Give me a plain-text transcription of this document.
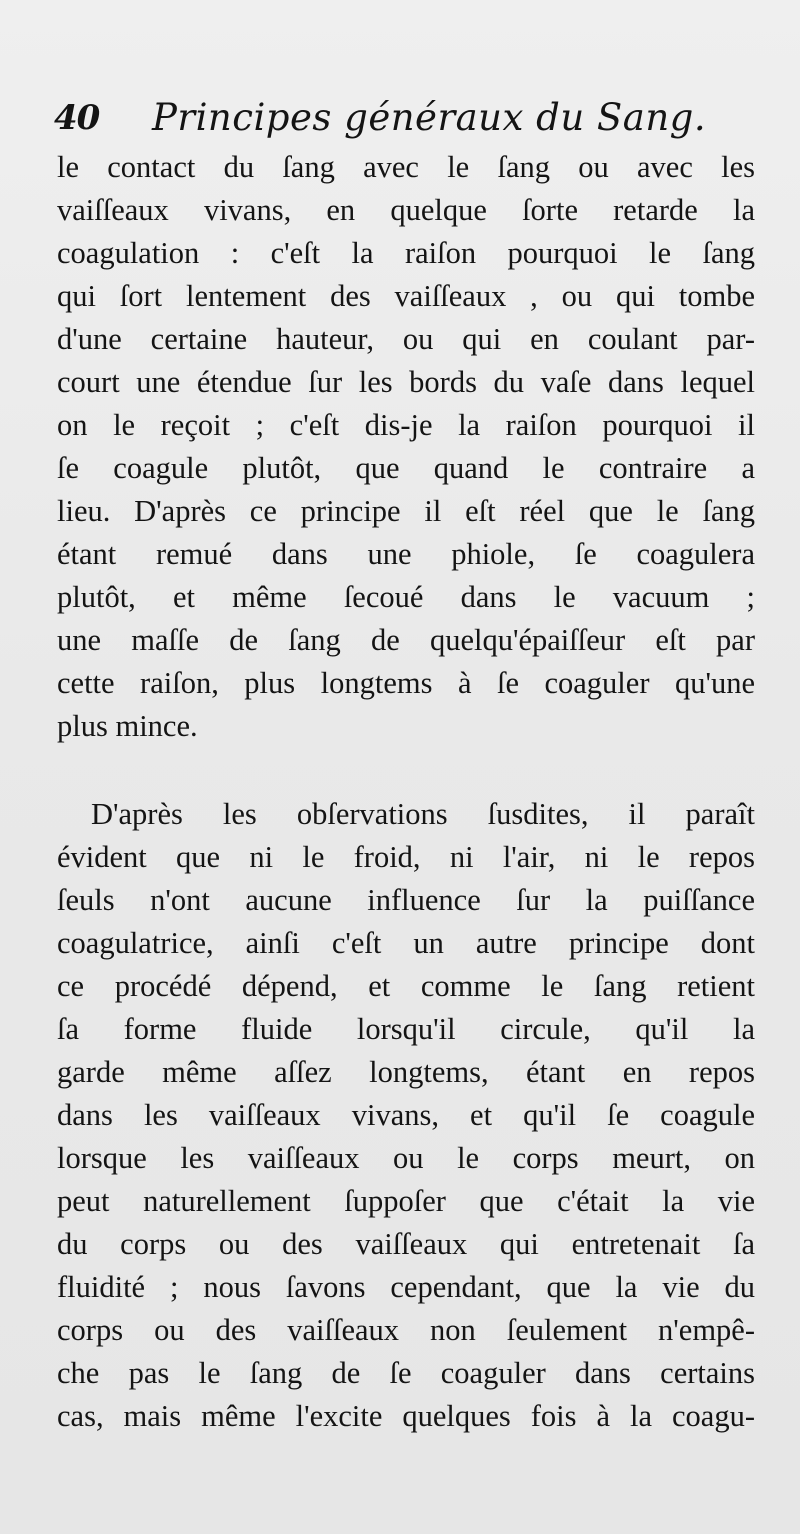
40 Principes généraux du Sang.
le contact du ſang avec le ſang ou avec les
vaiſſeaux vivans, en quelque ſorte retarde la
coagulation : c'eſt la raiſon pourquoi le ſang
qui ſort lentement des vaiſſeaux , ou qui tombe
d'une certaine hauteur, ou qui en coulant par-
court une étendue ſur les bords du vaſe dans lequel
on le reçoit ; c'eſt dis-je la raiſon pourquoi il
ſe coagule plutôt, que quand le contraire a
lieu. D'après ce principe il eſt réel que le ſang
étant remué dans une phiole, ſe coagulera
plutôt, et même ſecoué dans le vacuum ;
une maſſe de ſang de quelqu'épaiſſeur eſt par
cette raiſon, plus longtems à ſe coaguler qu'une
plus mince.
D'après les obſervations ſusdites, il paraît
évident que ni le froid, ni l'air, ni le repos
ſeuls n'ont aucune influence ſur la puiſſance
coagulatrice, ainſi c'eſt un autre principe dont
ce procédé dépend, et comme le ſang retient
ſa forme fluide lorsqu'il circule, qu'il la
garde même aſſez longtems, étant en repos
dans les vaiſſeaux vivans, et qu'il ſe coagule
lorsque les vaiſſeaux ou le corps meurt, on
peut naturellement ſuppoſer que c'était la vie
du corps ou des vaiſſeaux qui entretenait ſa
fluidité ; nous ſavons cependant, que la vie du
corps ou des vaiſſeaux non ſeulement n'empê-
che pas le ſang de ſe coaguler dans certains
cas, mais même l'excite quelques fois à la coagu-
